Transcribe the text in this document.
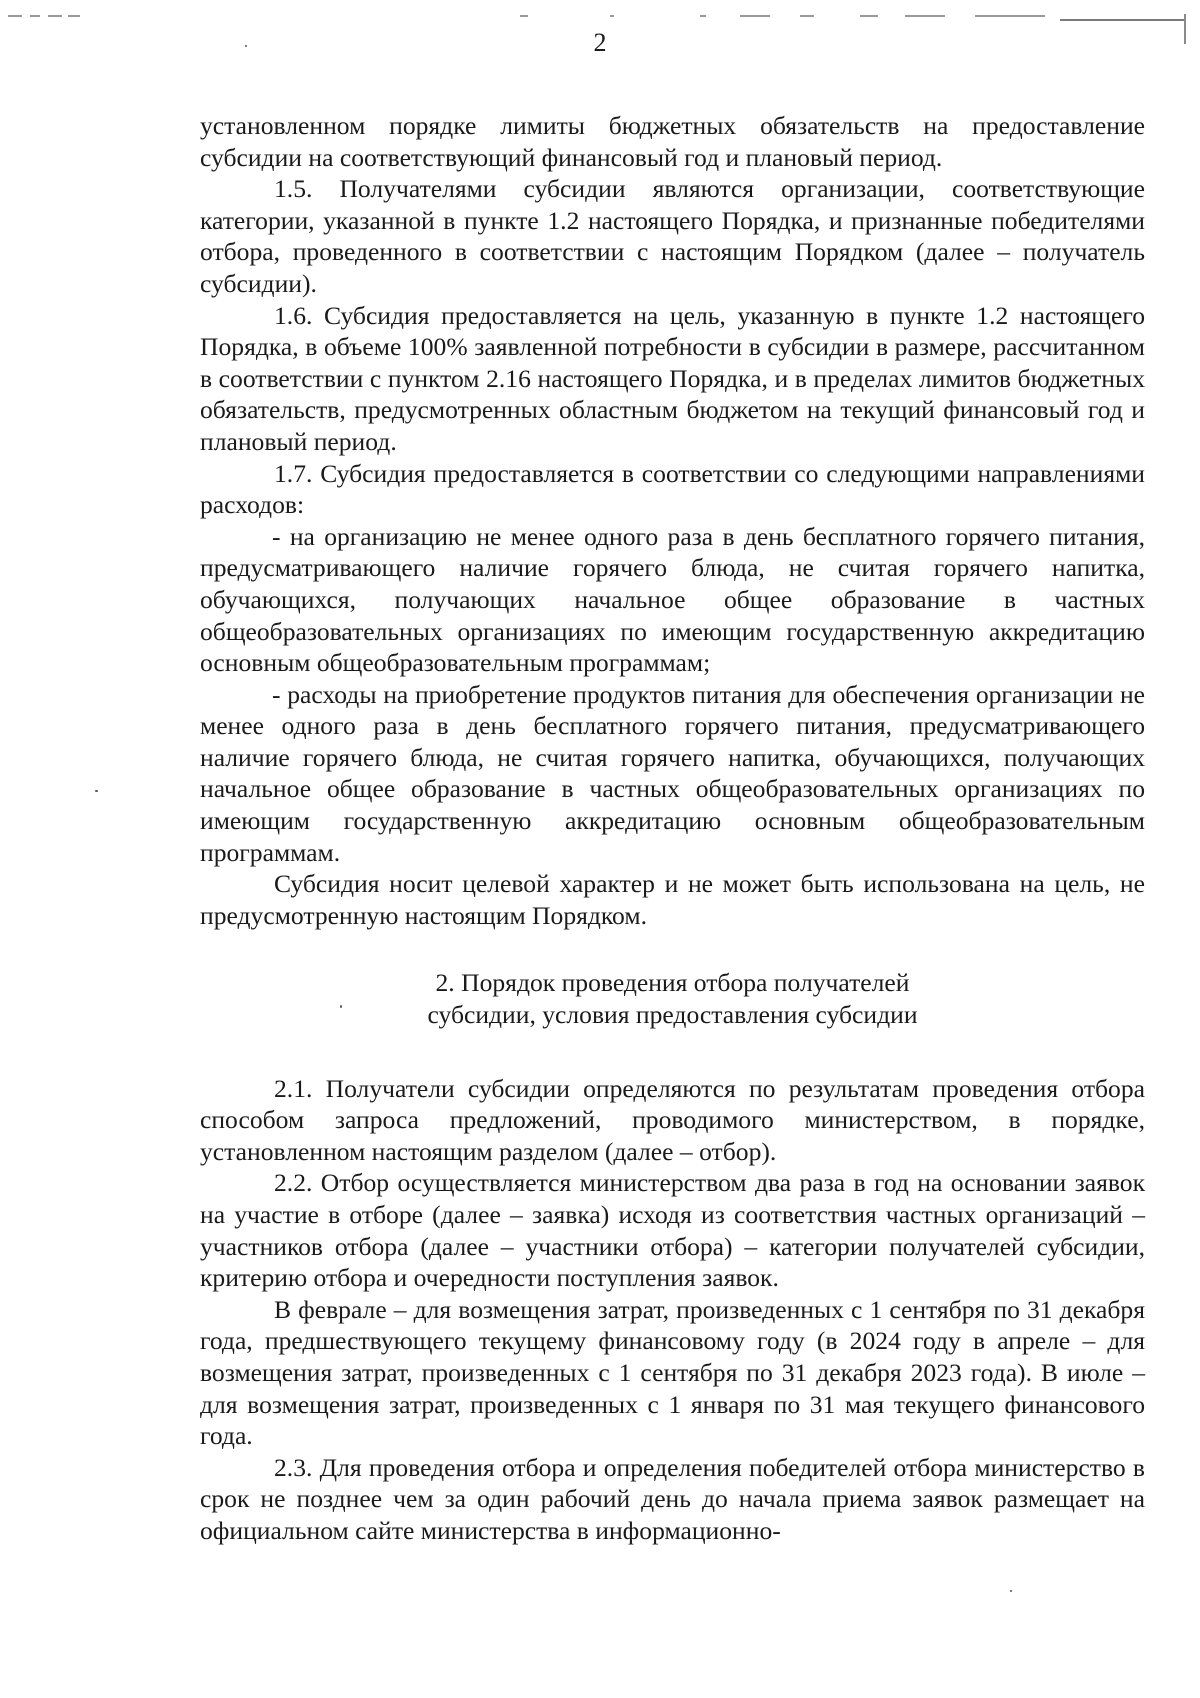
2

установленном порядке лимиты бюджетных обязательств на предоставление субсидии на соответствующий финансовый год и плановый период.

1.5. Получателями субсидии являются организации, соответствующие категории, указанной в пункте 1.2 настоящего Порядка, и признанные победителями отбора, проведенного в соответствии с настоящим Порядком (далее – получатель субсидии).

1.6. Субсидия предоставляется на цель, указанную в пункте 1.2 настоящего Порядка, в объеме 100% заявленной потребности в субсидии в размере, рассчитанном в соответствии с пунктом 2.16 настоящего Порядка, и в пределах лимитов бюджетных обязательств, предусмотренных областным бюджетом на текущий финансовый год и плановый период.

1.7. Субсидия предоставляется в соответствии со следующими направлениями расходов:

- на организацию не менее одного раза в день бесплатного горячего питания, предусматривающего наличие горячего блюда, не считая горячего напитка, обучающихся, получающих начальное общее образование в частных общеобразовательных организациях по имеющим государственную аккредитацию основным общеобразовательным программам;

- расходы на приобретение продуктов питания для обеспечения организации не менее одного раза в день бесплатного горячего питания, предусматривающего наличие горячего блюда, не считая горячего напитка, обучающихся, получающих начальное общее образование в частных общеобразовательных организациях по имеющим государственную аккредитацию основным общеобразовательным программам.

Субсидия носит целевой характер и не может быть использована на цель, не предусмотренную настоящим Порядком.

2. Порядок проведения отбора получателей
субсидии, условия предоставления субсидии

2.1. Получатели субсидии определяются по результатам проведения отбора способом запроса предложений, проводимого министерством, в порядке, установленном настоящим разделом (далее – отбор).

2.2. Отбор осуществляется министерством два раза в год на основании заявок на участие в отборе (далее – заявка) исходя из соответствия частных организаций – участников отбора (далее – участники отбора) – категории получателей субсидии, критерию отбора и очередности поступления заявок.

В феврале – для возмещения затрат, произведенных с 1 сентября по 31 декабря года, предшествующего текущему финансовому году (в 2024 году в апреле – для возмещения затрат, произведенных с 1 сентября по 31 декабря 2023 года). В июле – для возмещения затрат, произведенных с 1 января по 31 мая текущего финансового года.

2.3. Для проведения отбора и определения победителей отбора министерство в срок не позднее чем за один рабочий день до начала приема заявок размещает на официальном сайте министерства в информационно-
